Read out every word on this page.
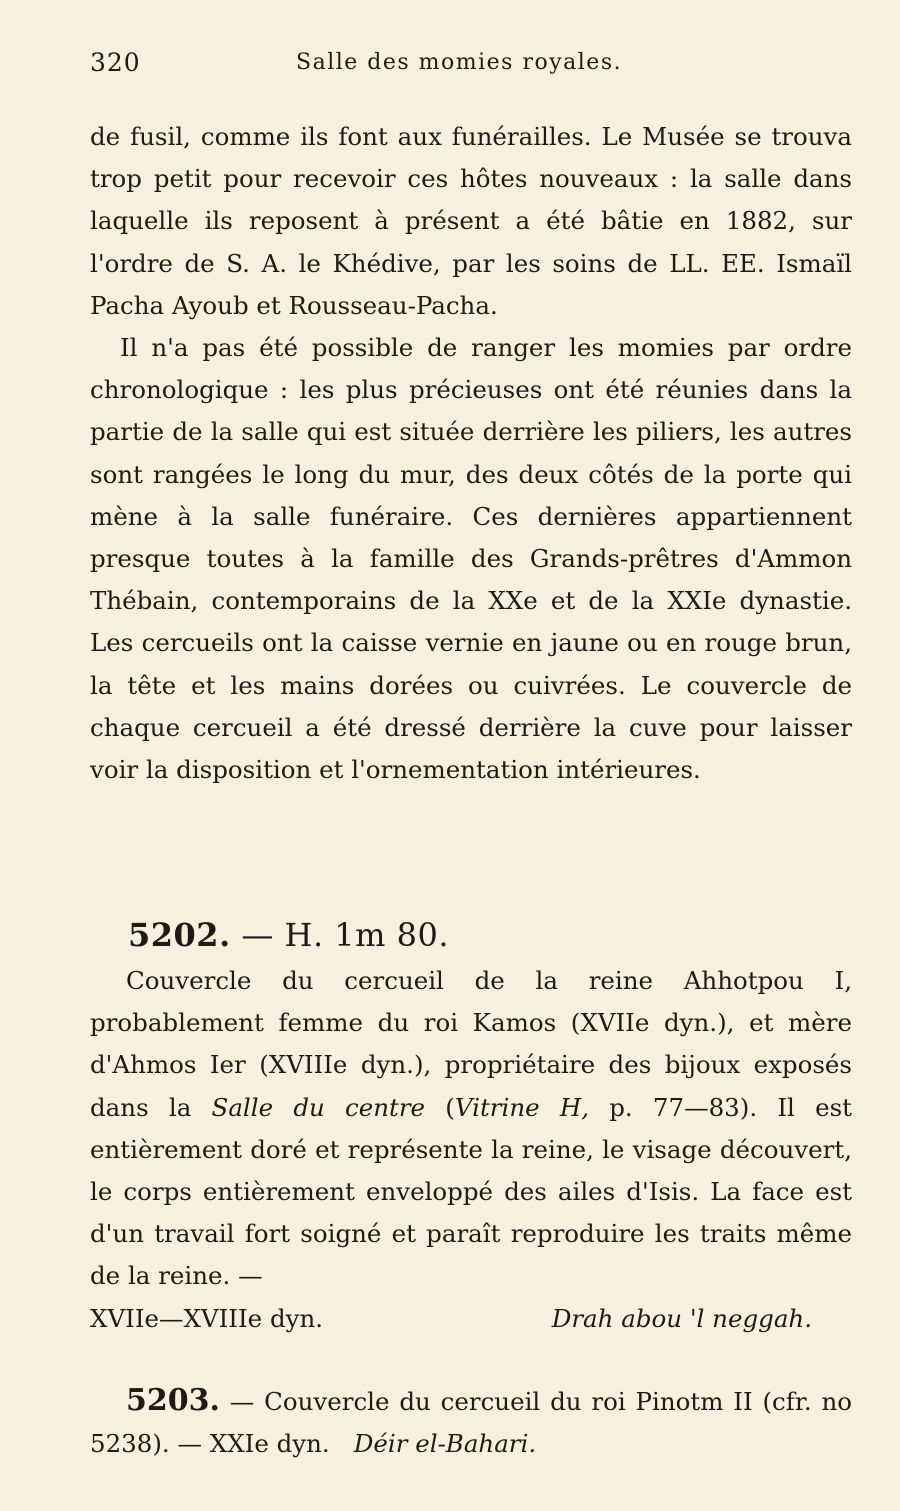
320	Salle des momies royales.

de fusil, comme ils font aux funérailles. Le Musée se trouva trop petit pour recevoir ces hôtes nouveaux : la salle dans laquelle ils reposent à présent a été bâtie en 1882, sur l'ordre de S. A. le Khédive, par les soins de LL. EE. Ismaïl Pacha Ayoub et Rousseau-Pacha.

Il n'a pas été possible de ranger les momies par ordre chronologique : les plus précieuses ont été réunies dans la partie de la salle qui est située derrière les piliers, les autres sont rangées le long du mur, des deux côtés de la porte qui mène à la salle funéraire. Ces dernières appartiennent presque toutes à la famille des Grands-prêtres d'Ammon Thébain, contemporains de la XXe et de la XXIe dynastie. Les cercueils ont la caisse vernie en jaune ou en rouge brun, la tête et les mains dorées ou cuivrées. Le couvercle de chaque cercueil a été dressé derrière la cuve pour laisser voir la disposition et l'ornementation intérieures.

5202. — H. 1m 80.

Couvercle du cercueil de la reine Ahhotpou I, probablement femme du roi Kamos (XVIIe dyn.), et mère d'Ahmos Ier (XVIIIe dyn.), propriétaire des bijoux exposés dans la Salle du centre (Vitrine H, p. 77—83). Il est entièrement doré et représente la reine, le visage découvert, le corps entièrement enveloppé des ailes d'Isis. La face est d'un travail fort soigné et paraît reproduire les traits même de la reine. —

XVIIe—XVIIIe dyn.	Drah abou 'l neggah.

5203. — Couvercle du cercueil du roi Pinotm II (cfr. no 5238). — XXIe dyn. Déir el-Bahari.
